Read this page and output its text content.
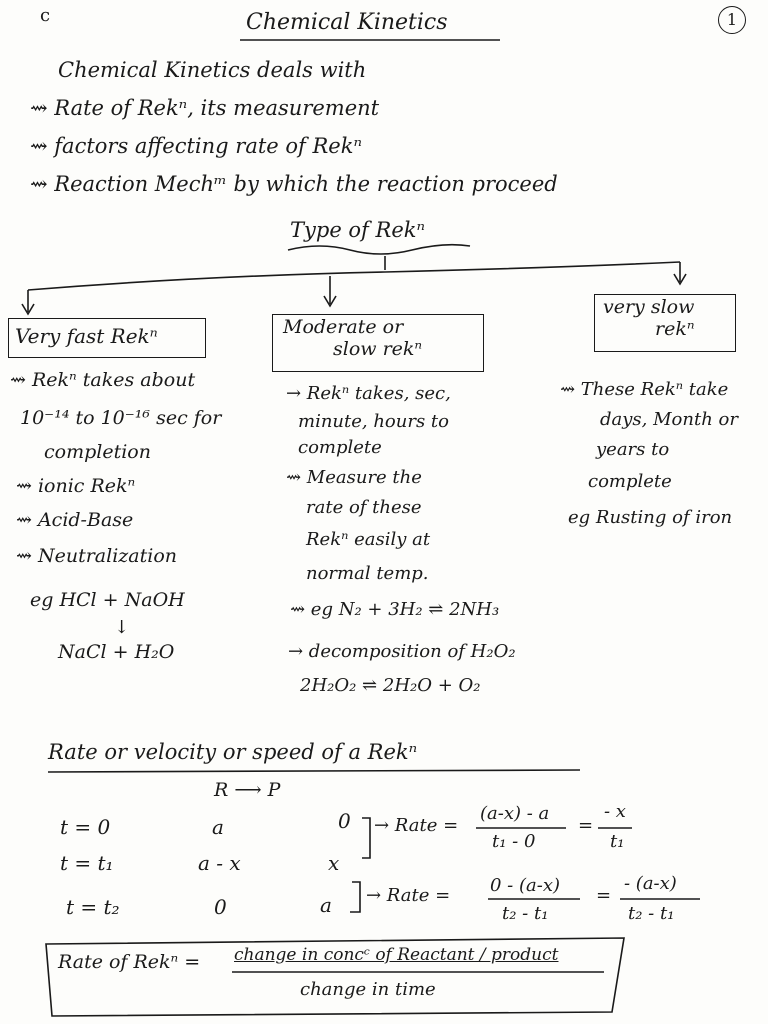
c	1
Chemical Kinetics
Chemical Kinetics deals with
⇝ Rate of Rekⁿ, its measurement
⇝ factors affecting rate of Rekⁿ
⇝ Reaction Mechᵐ by which the reaction proceed
Type of Rekⁿ
Very fast Rekⁿ	Moderate or
slow rekⁿ
very slow
rekⁿ
⇝ Rekⁿ takes about
10⁻¹⁴ to 10⁻¹⁶ sec for
completion
⇝ ionic Rekⁿ
⇝ Acid-Base
⇝ Neutralization
eg HCl + NaOH
↓
NaCl + H₂O
→ Rekⁿ takes, sec,
minute, hours to
complete
⇝ Measure the
rate of these
Rekⁿ easily at
normal temp.
⇝ eg N₂ + 3H₂ ⇌ 2NH₃
→ decomposition of H₂O₂
2H₂O₂ ⇌ 2H₂O + O₂
⇝ These Rekⁿ take
days, Month or
years to
complete
eg Rusting of iron
Rate or velocity or speed of a Rekⁿ
R ⟶ P
t = 0	a	0
t = t₁	a - x	x
t = t₂	0	a
→ Rate =
(a-x) - a
t₁ - 0
=
- x
t₁
→ Rate = 0 - (a-x)
t₂ - t₁
=
- (a-x)
t₂ - t₁
Rate of Rekⁿ = change in concᶜ of Reactant / product
change in time
